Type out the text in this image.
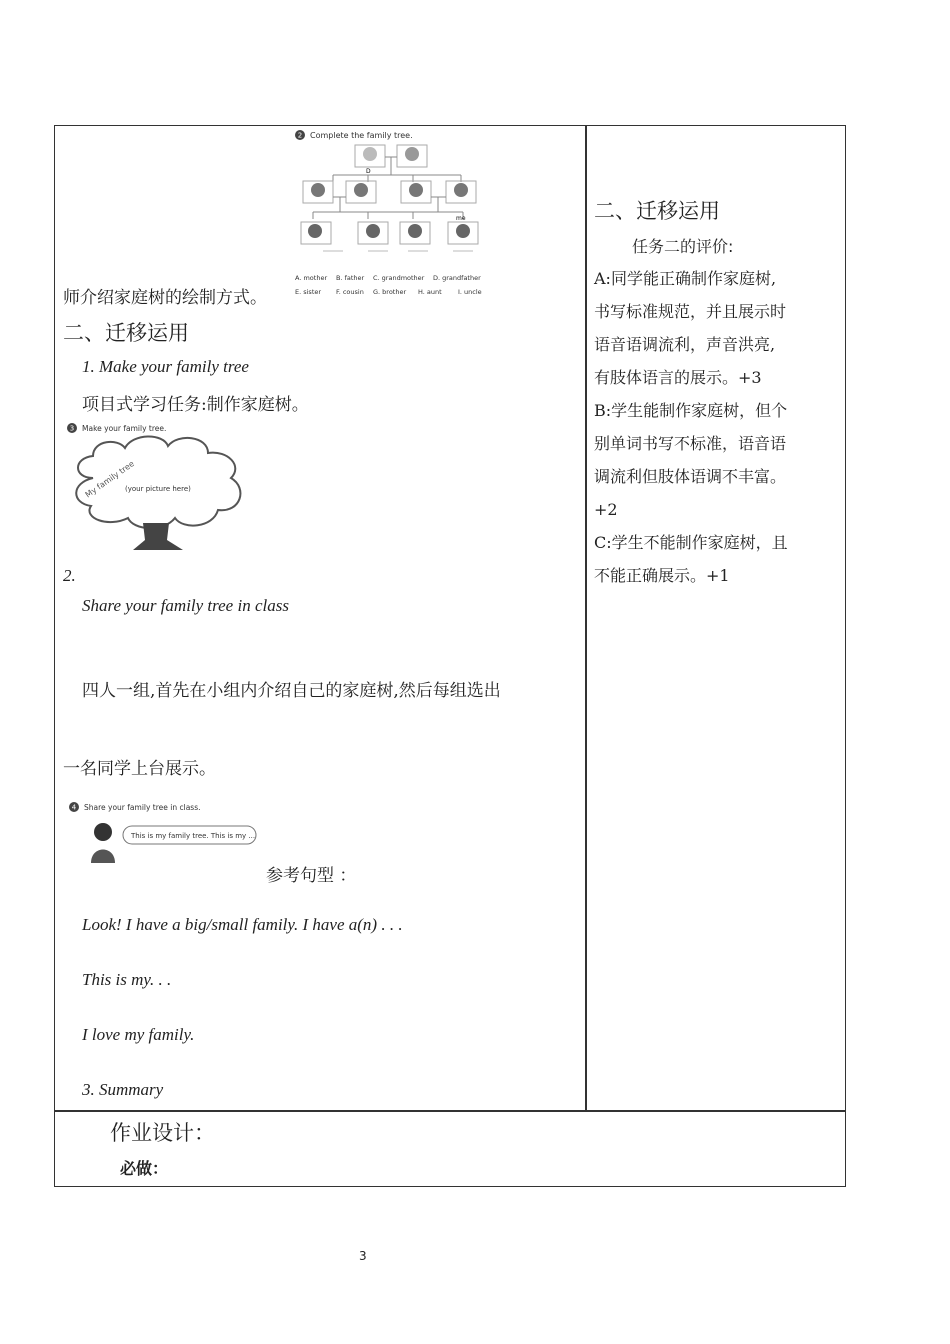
2 Complete the family tree.
D
me
A. mother B. father C. grandmother D. grandfather
E. sister F. cousin G. brother H. aunt	I. uncle
师介绍家庭树的绘制方式。
二、迁移运用
1. Make your family tree
项目式学习任务:制作家庭树。
3 Make your family tree.
My family tree
(your picture here)
2.
Share your family tree in class
四人一组,首先在小组内介绍自己的家庭树,然后每组选出
一名同学上台展示。
4 Share your family tree in class.
This is my family tree. This is my ...
参考句型 ：
Look! I have a big/small family. I have a(n) . . .
This is my. . .
I love my family.
3. Summary
二、迁移运用
任务二的评价:
A:同学能正确制作家庭树,
书写标准规范，并且展示时
语音语调流利，声音洪亮,
有肢体语言的展示。+3
B:学生能制作家庭树，但个
别单词书写不标准，语音语
调流利但肢体语调不丰富。
+2
C:学生不能制作家庭树，且
不能正确展示。+1
作业设计：
必做：
3
